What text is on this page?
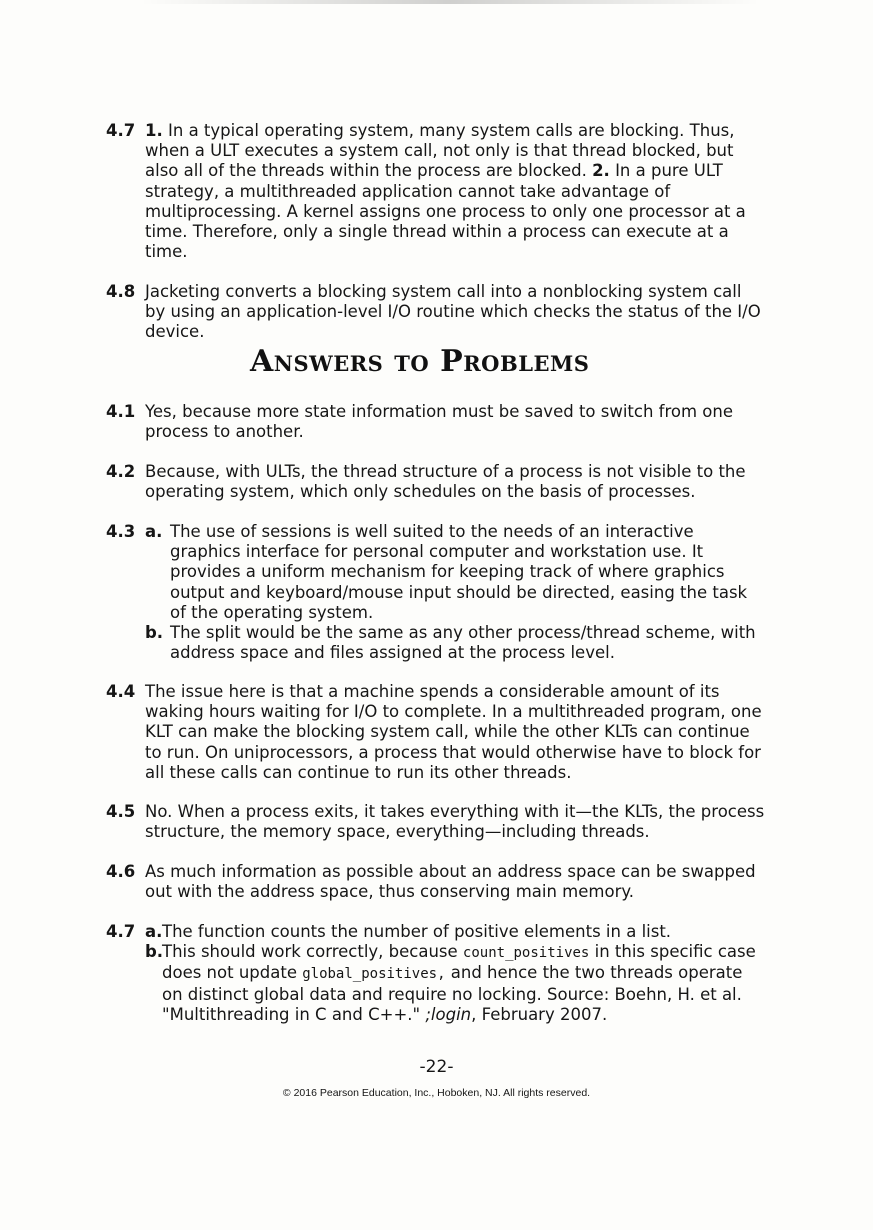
4.7 1. In a typical operating system, many system calls are blocking. Thus, when a ULT executes a system call, not only is that thread blocked, but also all of the threads within the process are blocked. 2. In a pure ULT strategy, a multithreaded application cannot take advantage of multiprocessing. A kernel assigns one process to only one processor at a time. Therefore, only a single thread within a process can execute at a time.
4.8 Jacketing converts a blocking system call into a nonblocking system call by using an application-level I/O routine which checks the status of the I/O device.
Answers to Problems
4.1 Yes, because more state information must be saved to switch from one process to another.
4.2 Because, with ULTs, the thread structure of a process is not visible to the operating system, which only schedules on the basis of processes.
4.3 a. The use of sessions is well suited to the needs of an interactive graphics interface for personal computer and workstation use. It provides a uniform mechanism for keeping track of where graphics output and keyboard/mouse input should be directed, easing the task of the operating system.
b. The split would be the same as any other process/thread scheme, with address space and files assigned at the process level.
4.4 The issue here is that a machine spends a considerable amount of its waking hours waiting for I/O to complete. In a multithreaded program, one KLT can make the blocking system call, while the other KLTs can continue to run. On uniprocessors, a process that would otherwise have to block for all these calls can continue to run its other threads.
4.5 No. When a process exits, it takes everything with it—the KLTs, the process structure, the memory space, everything—including threads.
4.6 As much information as possible about an address space can be swapped out with the address space, thus conserving main memory.
4.7 a. The function counts the number of positive elements in a list.
b.
This should work correctly, because count_positives in this specific case does not update global_positives, and hence the two threads operate on distinct global data and require no locking. Source: Boehn, H. et al. "Multithreading in C and C++." ;login, February 2007.
-22-
© 2016 Pearson Education, Inc., Hoboken, NJ. All rights reserved.
